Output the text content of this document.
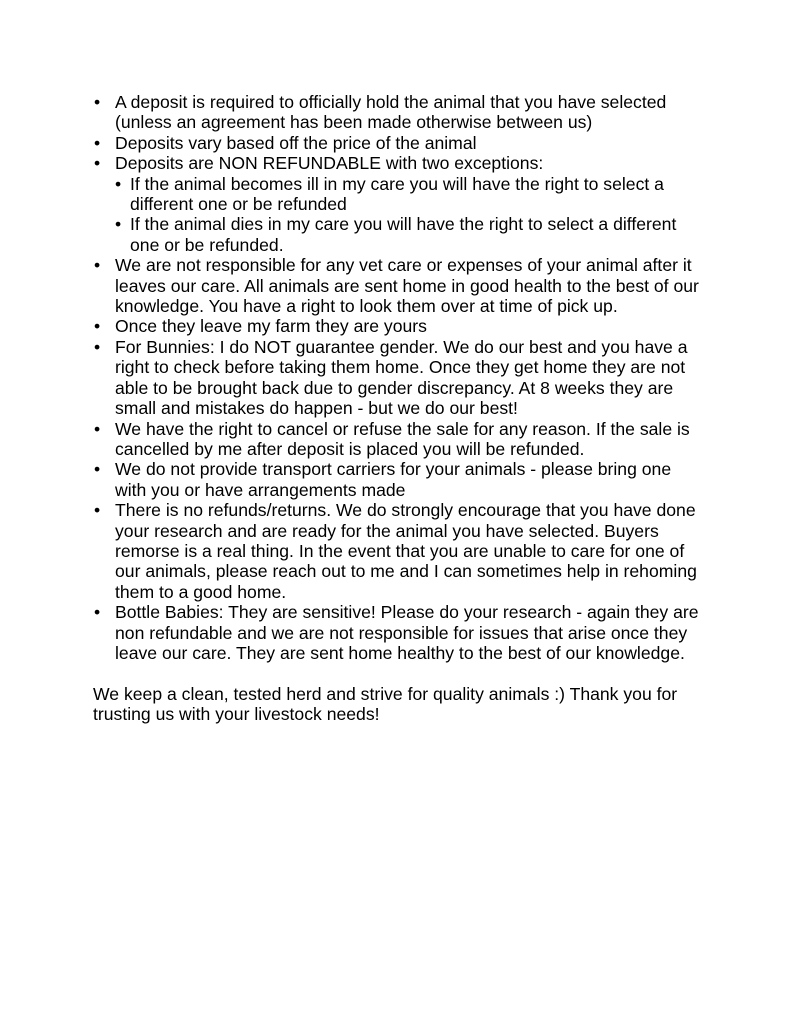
• A deposit is required to officially hold the animal that you have selected (unless an agreement has been made otherwise between us)
• Deposits vary based off the price of the animal
• Deposits are NON REFUNDABLE with two exceptions:
• If the animal becomes ill in my care you will have the right to select a different one or be refunded
• If the animal dies in my care you will have the right to select a different one or be refunded.
• We are not responsible for any vet care or expenses of your animal after it leaves our care. All animals are sent home in good health to the best of our knowledge. You have a right to look them over at time of pick up.
• Once they leave my farm they are yours
• For Bunnies: I do NOT guarantee gender. We do our best and you have a right to check before taking them home. Once they get home they are not able to be brought back due to gender discrepancy. At 8 weeks they are small and mistakes do happen - but we do our best!
• We have the right to cancel or refuse the sale for any reason. If the sale is cancelled by me after deposit is placed you will be refunded.
• We do not provide transport carriers for your animals - please bring one with you or have arrangements made
• There is no refunds/returns. We do strongly encourage that you have done your research and are ready for the animal you have selected. Buyers remorse is a real thing. In the event that you are unable to care for one of our animals, please reach out to me and I can sometimes help in rehoming them to a good home.
• Bottle Babies: They are sensitive! Please do your research - again they are non refundable and we are not responsible for issues that arise once they leave our care. They are sent home healthy to the best of our knowledge.

We keep a clean, tested herd and strive for quality animals :) Thank you for trusting us with your livestock needs!
